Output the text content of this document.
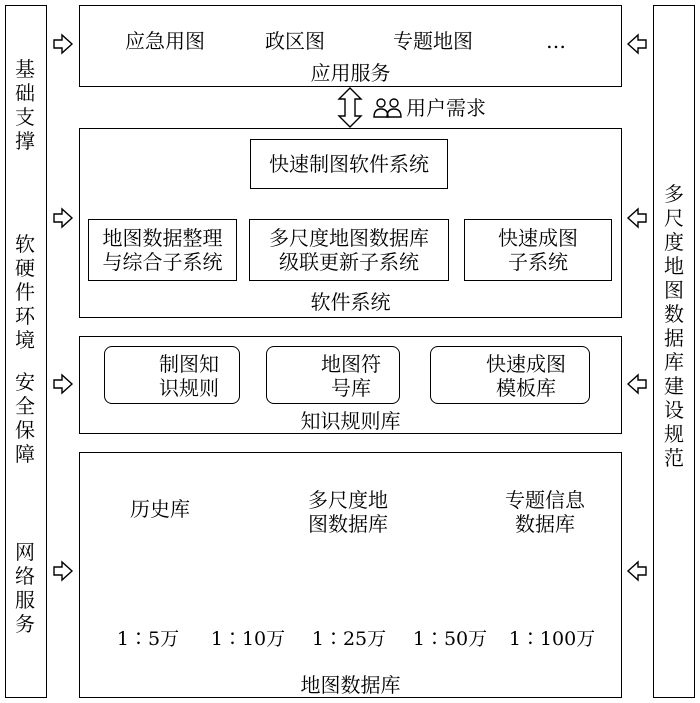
基础支撑
软硬件环境
安全保障
网络服务
多尺度地图数据库建设规范
应急用图	政区图	专题地图	…
应用服务
用户需求
快速制图软件系统
地图数据整理
与综合子系统
多尺度地图数据库
级联更新子系统
快速成图
子系统
软件系统
制图知
识规则
地图符
号库
快速成图
模板库
知识规则库
历史库	多尺度地
图数据库
专题信息
数据库
1∶5万	1∶10万 1∶25万 1∶50万 1∶100万
地图数据库
